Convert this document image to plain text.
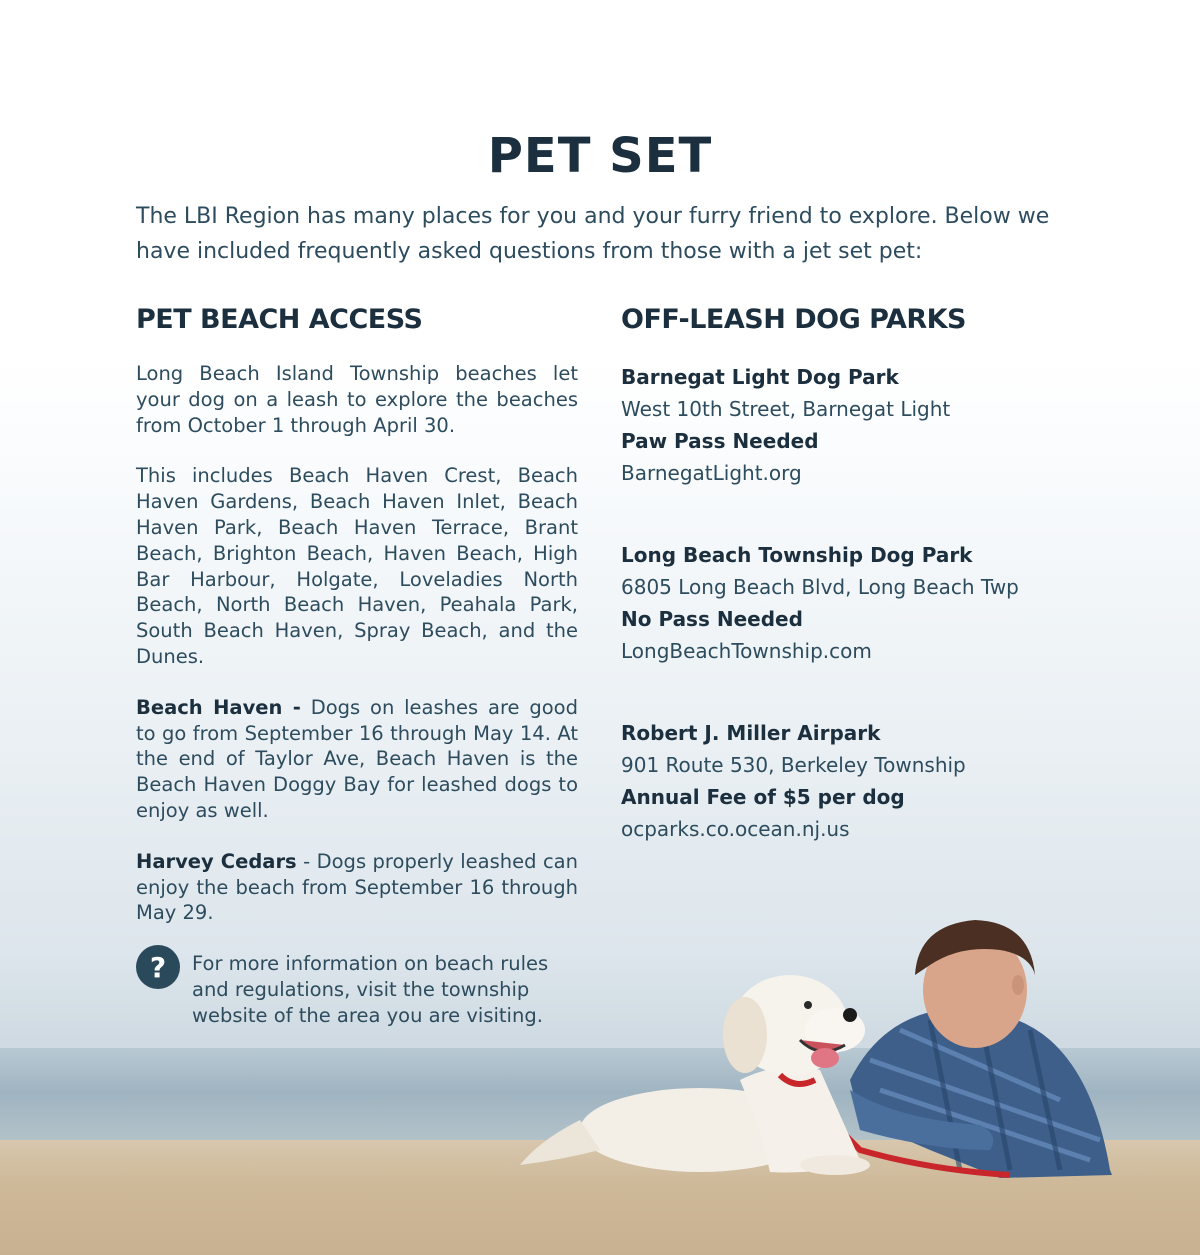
PET SET
The LBI Region has many places for you and your furry friend to explore. Below we have included frequently asked questions from those with a jet set pet:
PET BEACH ACCESS

Long Beach Island Township beaches let your dog on a leash to explore the beaches from October 1 through April 30.

This includes Beach Haven Crest, Beach Haven Gardens, Beach Haven Inlet, Beach Haven Park, Beach Haven Terrace, Brant Beach, Brighton Beach, Haven Beach, High Bar Harbour, Holgate, Loveladies North Beach, North Beach Haven, Peahala Park, South Beach Haven, Spray Beach, and the Dunes.

Beach Haven - Dogs on leashes are good to go from September 16 through May 14. At the end of Taylor Ave, Beach Haven is the Beach Haven Doggy Bay for leashed dogs to enjoy as well.

Harvey Cedars - Dogs properly leashed can enjoy the beach from September 16 through May 29.

?	For more information on beach rules and regulations, visit the township website of the area you are visiting.
OFF-LEASH DOG PARKS
Barnegat Light Dog Park
West 10th Street, Barnegat Light
Paw Pass Needed
BarnegatLight.org
Long Beach Township Dog Park
6805 Long Beach Blvd, Long Beach Twp
No Pass Needed
LongBeachTownship.com
Robert J. Miller Airpark
901 Route 530, Berkeley Township
Annual Fee of $5 per dog
ocparks.co.ocean.nj.us
